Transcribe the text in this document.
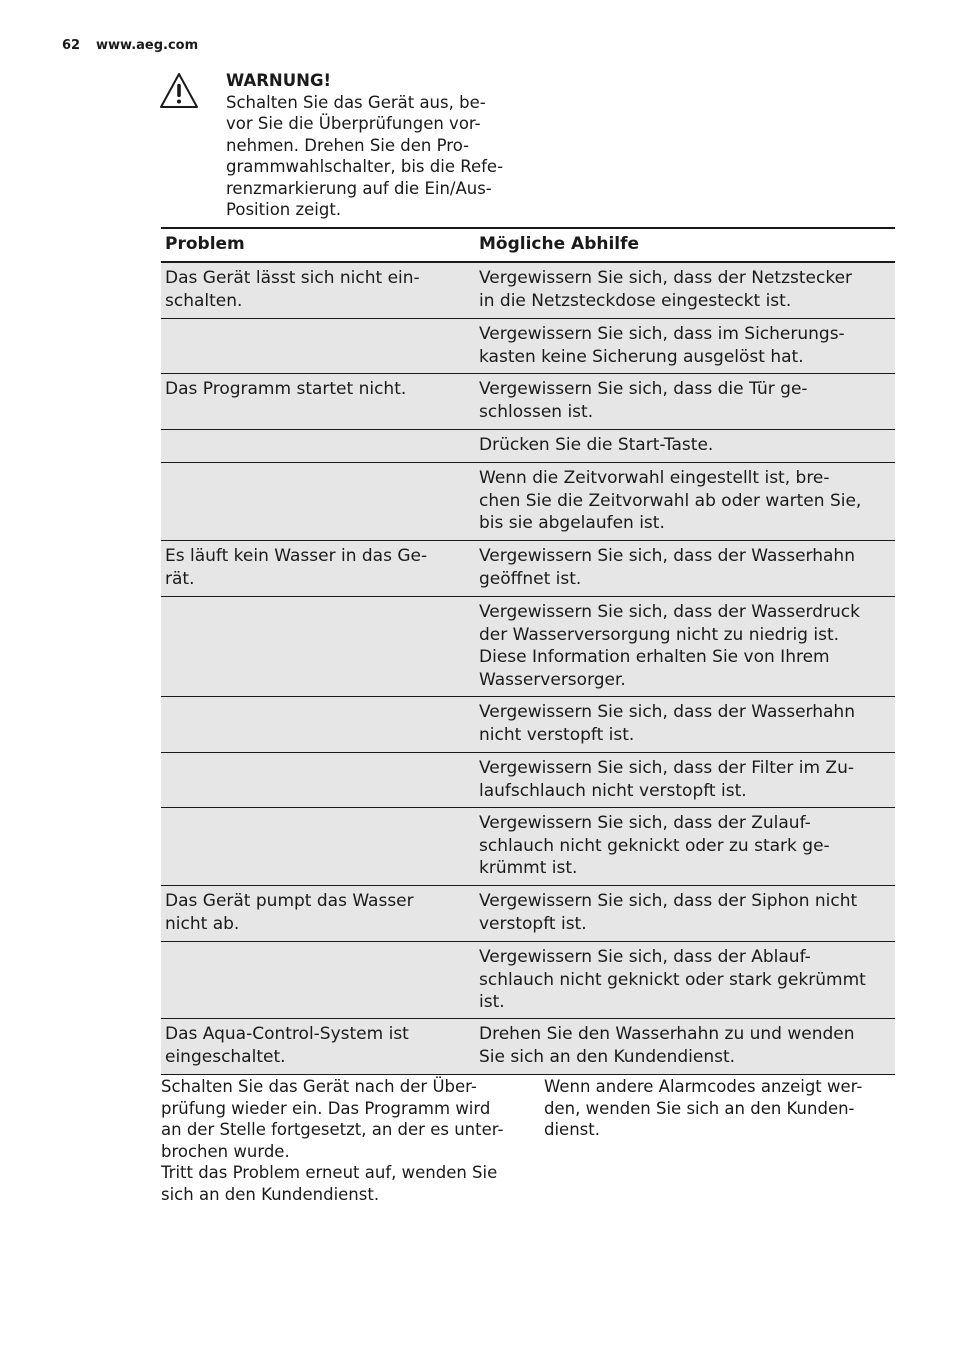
62 www.aeg.com
WARNUNG!
Schalten Sie das Gerät aus, be-
vor Sie die Überprüfungen vor-
nehmen. Drehen Sie den Pro-
grammwahlschalter, bis die Refe-
renzmarkierung auf die Ein/Aus-
Position zeigt.
Problem	Mögliche Abhilfe
Das Gerät lässt sich nicht ein-
schalten.
Vergewissern Sie sich, dass der Netzstecker
in die Netzsteckdose eingesteckt ist.
Vergewissern Sie sich, dass im Sicherungs-
kasten keine Sicherung ausgelöst hat.
Das Programm startet nicht.	Vergewissern Sie sich, dass die Tür ge-
schlossen ist.
Drücken Sie die Start-Taste.
Wenn die Zeitvorwahl eingestellt ist, bre-
chen Sie die Zeitvorwahl ab oder warten Sie,
bis sie abgelaufen ist.
Es läuft kein Wasser in das Ge-
rät.
Vergewissern Sie sich, dass der Wasserhahn
geöffnet ist.
Vergewissern Sie sich, dass der Wasserdruck
der Wasserversorgung nicht zu niedrig ist.
Diese Information erhalten Sie von Ihrem
Wasserversorger.
Vergewissern Sie sich, dass der Wasserhahn
nicht verstopft ist.
Vergewissern Sie sich, dass der Filter im Zu-
laufschlauch nicht verstopft ist.
Vergewissern Sie sich, dass der Zulauf-
schlauch nicht geknickt oder zu stark ge-
krümmt ist.
Das Gerät pumpt das Wasser
nicht ab.
Vergewissern Sie sich, dass der Siphon nicht
verstopft ist.
Vergewissern Sie sich, dass der Ablauf-
schlauch nicht geknickt oder stark gekrümmt
ist.
Das Aqua-Control-System ist
eingeschaltet.
Drehen Sie den Wasserhahn zu und wenden
Sie sich an den Kundendienst.
Schalten Sie das Gerät nach der Über-
prüfung wieder ein. Das Programm wird
an der Stelle fortgesetzt, an der es unter-
brochen wurde.
Tritt das Problem erneut auf, wenden Sie
sich an den Kundendienst.
Wenn andere Alarmcodes anzeigt wer-
den, wenden Sie sich an den Kunden-
dienst.
